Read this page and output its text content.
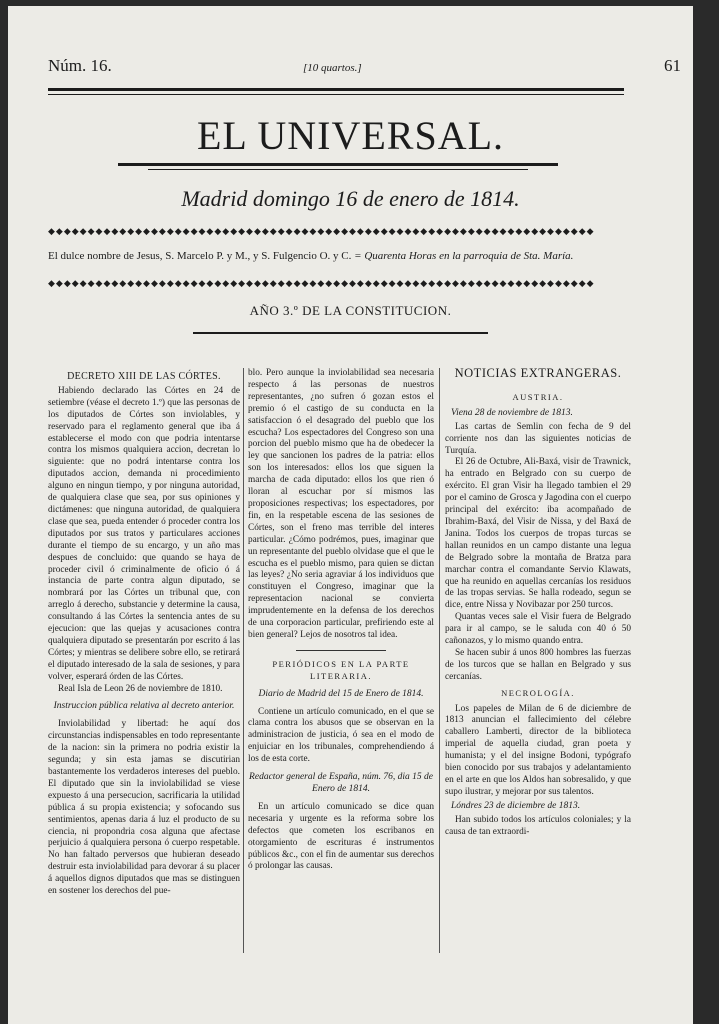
Núm. 16.	[10 quartos.]	61
EL UNIVERSAL.
Madrid domingo 16 de enero de 1814.
◆◆◆◆◆◆◆◆◆◆◆◆◆◆◆◆◆◆◆◆◆◆◆◆◆◆◆◆◆◆◆◆◆◆◆◆◆◆◆◆◆◆◆◆◆◆◆◆◆◆◆◆◆◆◆◆◆◆◆◆◆◆◆◆◆◆◆◆◆
El dulce nombre de Jesus, S. Marcelo P. y M., y S. Fulgencio O. y C. = Quarenta Horas en la parroquia de Sta. María.
◆◆◆◆◆◆◆◆◆◆◆◆◆◆◆◆◆◆◆◆◆◆◆◆◆◆◆◆◆◆◆◆◆◆◆◆◆◆◆◆◆◆◆◆◆◆◆◆◆◆◆◆◆◆◆◆◆◆◆◆◆◆◆◆◆◆◆◆◆
AÑO 3.º DE LA CONSTITUCION.
DECRETO XIII DE LAS CÓRTES.

Habiendo declarado las Córtes en 24 de setiembre (véase el decreto 1.º) que las personas de los diputados de Córtes son inviolables, y reservado para el reglamento general que iba á establecerse el modo con que podria intentarse contra los mismos qualquiera accion, decretan lo siguiente: que no podrá intentarse contra los diputados accion, demanda ni procedimiento alguno en ningun tiempo, y por ninguna autoridad, de qualquiera clase que sea, por sus opiniones y dictámenes: que ninguna autoridad, de qualquiera clase que sea, pueda entender ó proceder contra los diputados por sus tratos y particulares acciones durante el tiempo de su encargo, y un año mas despues de concluido: que quando se haya de proceder civil ó criminalmente de oficio ó á instancia de parte contra algun diputado, se nombrará por las Córtes un tribunal que, con arreglo á derecho, substancie y determine la causa, consultando á las Córtes la sentencia antes de su ejecucion: que las quejas y acusaciones contra qualquiera diputado se presentarán por escrito á las Córtes; y mientras se delibere sobre ello, se retirará el diputado interesado de la sala de sesiones, y para volver, esperará órden de las Córtes.

Real Isla de Leon 26 de noviembre de 1810.

Instruccion pública relativa al decreto anterior.

Inviolabilidad y libertad: he aquí dos circunstancias indispensables en todo representante de la nacion: sin la primera no podria existir la segunda; y sin esta jamas se discutirian bastantemente los verdaderos intereses del pueblo. El diputado que sin la inviolabilidad se viese expuesto á una persecucion, sacrificaria la utilidad pública á su propia existencia; y sofocando sus sentimientos, apenas daria á luz el producto de su ciencia, ni propondria cosa alguna que afectase perjuicio á qualquiera persona ó cuerpo respetable. No han faltado perversos que hubieran deseado destruir esta inviolabilidad para devorar á su placer á aquellos dignos diputados que mas se distinguen en sostener los derechos del pue-

blo. Pero aunque la inviolabilidad sea necesaria respecto á las personas de nuestros representantes, ¿no sufren ó gozan estos el premio ó el castigo de su conducta en la satisfaccion ó el desagrado del pueblo que los escucha? Los espectadores del Congreso son una porcion del pueblo mismo que ha de obedecer la ley que sancionen los padres de la patria: ellos son los interesados: ellos los que siguen la marcha de cada diputado: ellos los que rien ó lloran al escuchar por sí mismos las proposiciones respectivas; los espectadores, por fin, en la respetable escena de las sesiones de Córtes, son el freno mas terrible del interes particular. ¿Cómo podrémos, pues, imaginar que un representante del pueblo olvidase que el que le escucha es el pueblo mismo, para quien se dictan las leyes? ¿No seria agraviar á los individuos que constituyen el Congreso, imaginar que la representacion nacional se convierta imprudentemente en la defensa de los derechos de una corporacion particular, prefiriendo este al bien general? Lejos de nosotros tal idea.

PERIÓDICOS EN LA PARTE LITERARIA.
Diario de Madrid del 15 de Enero de 1814.

Contiene un artículo comunicado, en el que se clama contra los abusos que se observan en la administracion de justicia, ó sea en el modo de enjuiciar en los tribunales, comprehendiendo á los de esta corte.

Redactor general de España, núm. 76, dia 15 de Enero de 1814.

En un artículo comunicado se dice quan necesaria y urgente es la reforma sobre los defectos que cometen los escribanos en otorgamiento de escrituras é instrumentos públicos &c., con el fin de aumentar sus derechos ó prolongar las causas.

NOTICIAS EXTRANGERAS.
AUSTRIA.
Viena 28 de noviembre de 1813.

Las cartas de Semlin con fecha de 9 del corriente nos dan las siguientes noticias de Turquía.

El 26 de Octubre, Ali-Baxá, visir de Trawnick, ha entrado en Belgrado con su cuerpo de exército. El gran Visir ha llegado tambien el 29 por el camino de Grosca y Jagodina con el cuerpo principal del exército: iba acompañado de Ibrahim-Baxá, del Visir de Nissa, y del Baxá de Janina. Todos los cuerpos de tropas turcas se hallan reunidos en un campo distante una legua de Belgrado sobre la montaña de Bratza para marchar contra el comandante Servio Klawats, que ha reunido en aquellas cercanías los residuos de las tropas servias. Se halla rodeado, segun se dice, entre Nissa y Novibazar por 250 turcos.

Quantas veces sale el Visir fuera de Belgrado para ir al campo, se le saluda con 40 ó 50 cañonazos, y lo mismo quando entra.

Se hacen subir á unos 800 hombres las fuerzas de los turcos que se hallan en Belgrado y sus cercanías.

NECROLOGÍA.

Los papeles de Milan de 6 de diciembre de 1813 anuncian el fallecimiento del célebre caballero Lamberti, director de la biblioteca imperial de aquella ciudad, gran poeta y humanista; y el del insigne Bodoni, typógrafo bien conocido por sus trabajos y adelantamiento en el arte en que los Aldos han sobresalido, y que supo ilustrar, y mejorar por sus talentos.

Lóndres 23 de diciembre de 1813.

Han subido todos los artículos coloniales; y la causa de tan extraordi-
